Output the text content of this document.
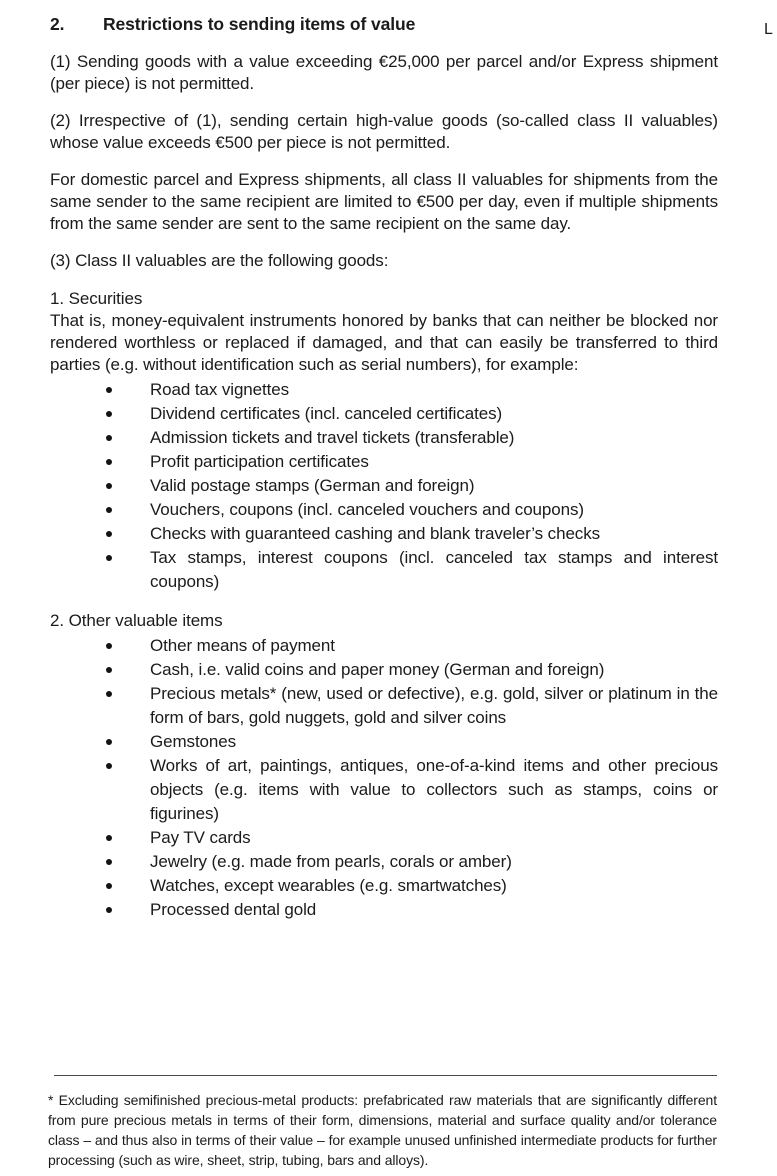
L
2.	Restrictions to sending items of value

(1) Sending goods with a value exceeding €25,000 per parcel and/or Express shipment (per piece) is not permitted.

(2) Irrespective of (1), sending certain high-value goods (so-called class II valuables) whose value exceeds €500 per piece is not permitted.

For domestic parcel and Express shipments, all class II valuables for shipments from the same sender to the same recipient are limited to €500 per day, even if multiple shipments from the same sender are sent to the same recipient on the same day.

(3) Class II valuables are the following goods:

1. Securities

That is, money-equivalent instruments honored by banks that can neither be blocked nor rendered worthless or replaced if damaged, and that can easily be transferred to third parties (e.g. without identification such as serial numbers), for example:

Road tax vignettes
Dividend certificates (incl. canceled certificates)
Admission tickets and travel tickets (transferable)
Profit participation certificates
Valid postage stamps (German and foreign)
Vouchers, coupons (incl. canceled vouchers and coupons)
Checks with guaranteed cashing and blank traveler’s checks
Tax stamps, interest coupons (incl. canceled tax stamps and interest coupons)
2. Other valuable items
Other means of payment
Cash, i.e. valid coins and paper money (German and foreign)
Precious metals* (new, used or defective), e.g. gold, silver or platinum in the form of bars, gold nuggets, gold and silver coins
Gemstones
Works of art, paintings, antiques, one-of-a-kind items and other precious objects (e.g. items with value to collectors such as stamps, coins or figurines)
Pay TV cards
Jewelry (e.g. made from pearls, corals or amber)
Watches, except wearables (e.g. smartwatches)
Processed dental gold

* Excluding semifinished precious-metal products: prefabricated raw materials that are significantly different from pure precious metals in terms of their form, dimensions, material and surface quality and/or tolerance class – and thus also in terms of their value – for example unused unfinished intermediate products for further processing (such as wire, sheet, strip, tubing, bars and alloys).
